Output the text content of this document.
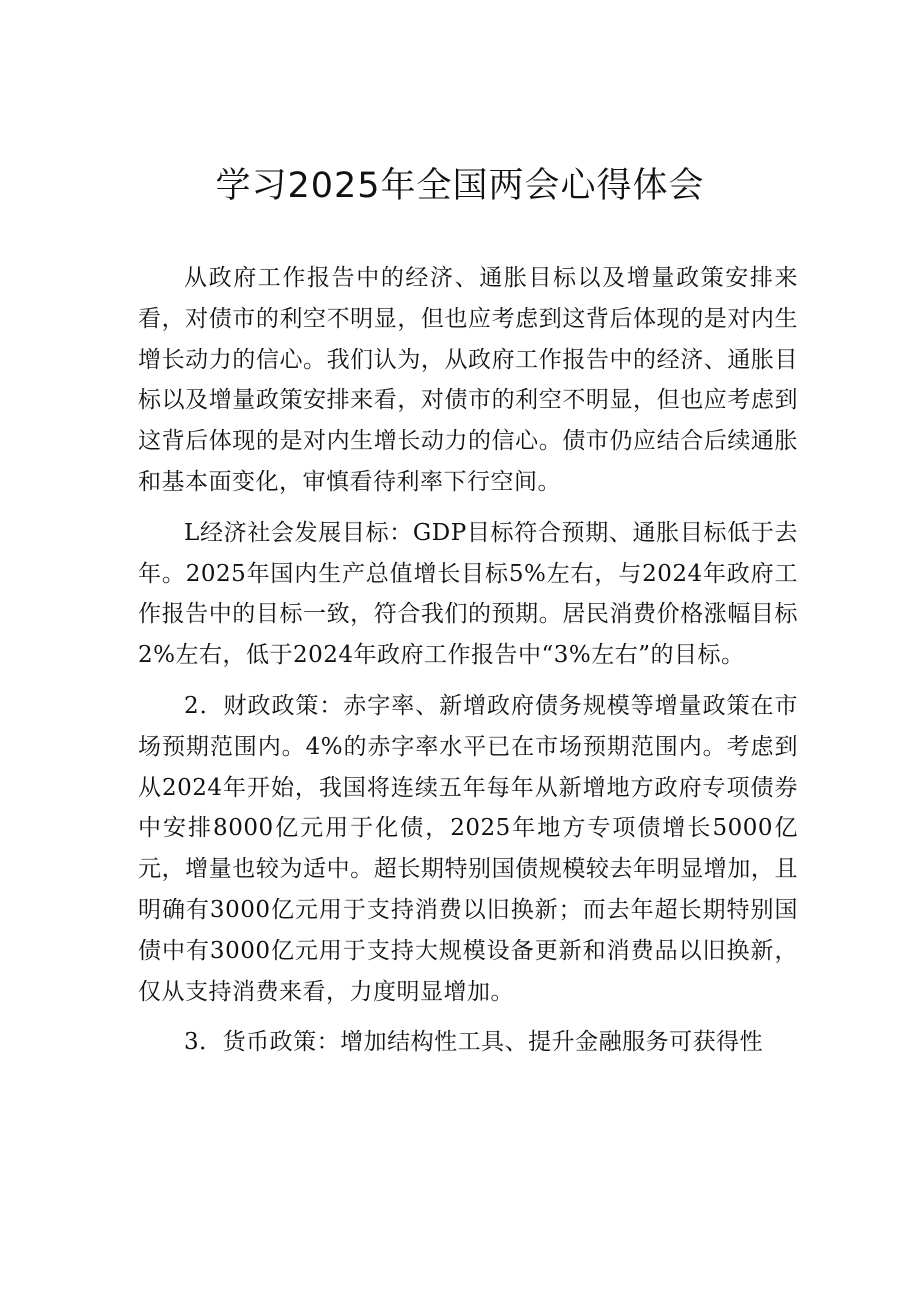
学习2025年全国两会心得体会

从政府工作报告中的经济、通胀目标以及增量政策安排来看，对债市的利空不明显，但也应考虑到这背后体现的是对内生增长动力的信心。我们认为，从政府工作报告中的经济、通胀目标以及增量政策安排来看，对债市的利空不明显，但也应考虑到这背后体现的是对内生增长动力的信心。债市仍应结合后续通胀和基本面变化，审慎看待利率下行空间。

L经济社会发展目标：GDP目标符合预期、通胀目标低于去年。2025年国内生产总值增长目标5%左右，与2024年政府工作报告中的目标一致，符合我们的预期。居民消费价格涨幅目标2%左右，低于2024年政府工作报告中“3%左右”的目标。

2．财政政策：赤字率、新增政府债务规模等增量政策在市场预期范围内。4%的赤字率水平已在市场预期范围内。考虑到从2024年开始，我国将连续五年每年从新增地方政府专项债券中安排8000亿元用于化债，2025年地方专项债增长5000亿元，增量也较为适中。超长期特别国债规模较去年明显增加，且明确有3000亿元用于支持消费以旧换新；而去年超长期特别国债中有3000亿元用于支持大规模设备更新和消费品以旧换新，仅从支持消费来看，力度明显增加。

3．货币政策：增加结构性工具、提升金融服务可获得性
